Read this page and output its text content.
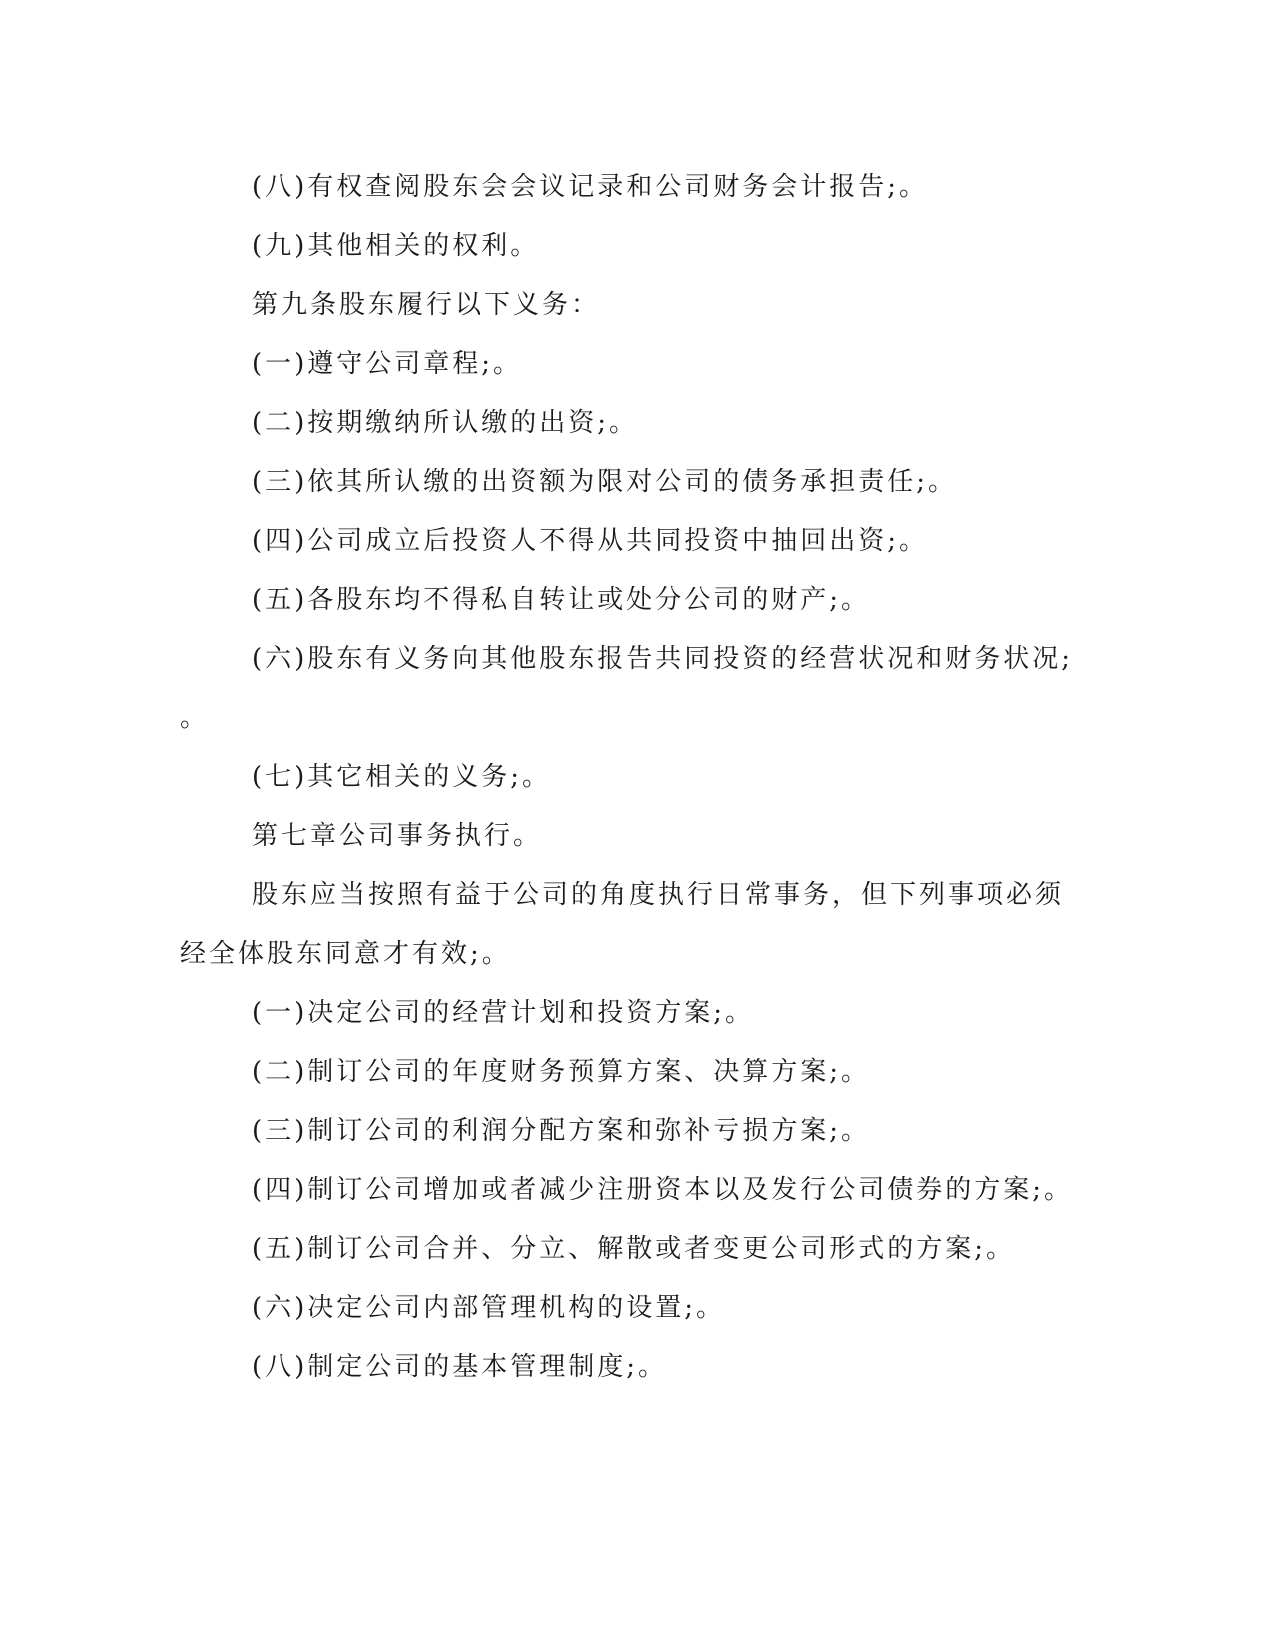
(八)有权查阅股东会会议记录和公司财务会计报告;。

(九)其他相关的权利。

第九条股东履行以下义务：

(一)遵守公司章程;。

(二)按期缴纳所认缴的出资;。

(三)依其所认缴的出资额为限对公司的债务承担责任;。

(四)公司成立后投资人不得从共同投资中抽回出资;。

(五)各股东均不得私自转让或处分公司的财产;。

(六)股东有义务向其他股东报告共同投资的经营状况和财务状况;

。

(七)其它相关的义务;。

第七章公司事务执行。

股东应当按照有益于公司的角度执行日常事务，但下列事项必须

经全体股东同意才有效;。

(一)决定公司的经营计划和投资方案;。

(二)制订公司的年度财务预算方案、决算方案;。

(三)制订公司的利润分配方案和弥补亏损方案;。

(四)制订公司增加或者减少注册资本以及发行公司债券的方案;。

(五)制订公司合并、分立、解散或者变更公司形式的方案;。

(六)决定公司内部管理机构的设置;。

(八)制定公司的基本管理制度;。
